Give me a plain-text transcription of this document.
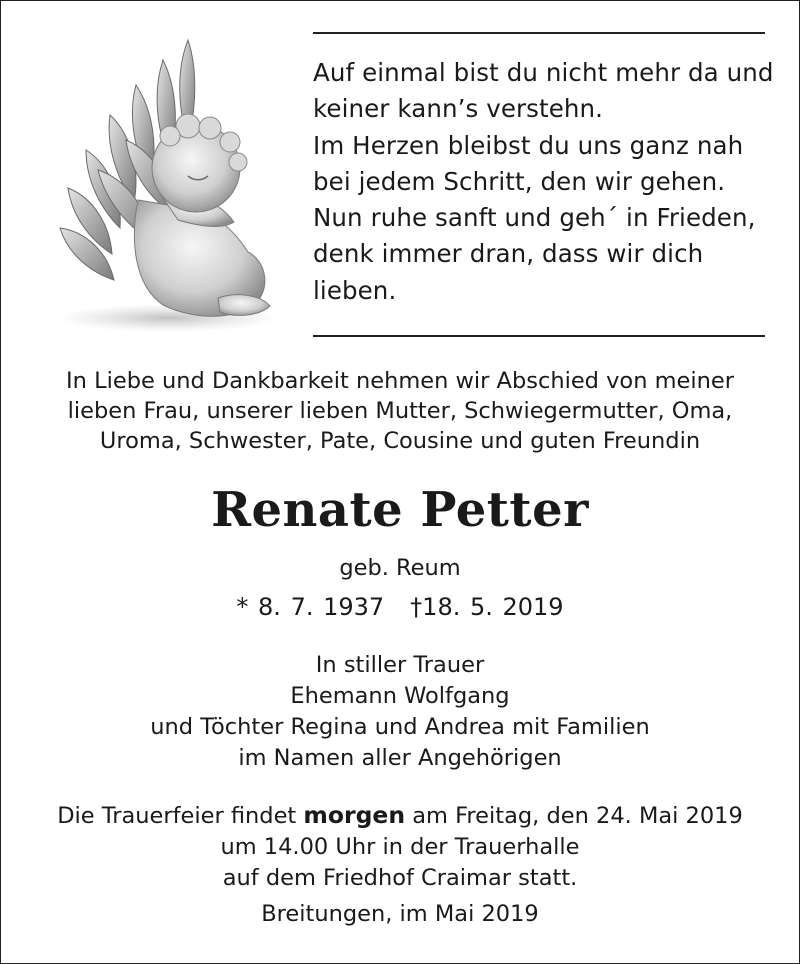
Auf einmal bist du nicht mehr da und
keiner kann’s verstehn.
Im Herzen bleibst du uns ganz nah
bei jedem Schritt, den wir gehen.
Nun ruhe sanft und geh´ in Frieden,
denk immer dran, dass wir dich
lieben.
In Liebe und Dankbarkeit nehmen wir Abschied von meiner
lieben Frau, unserer lieben Mutter, Schwiegermutter, Oma,
Uroma, Schwester, Pate, Cousine und guten Freundin
Renate Petter
geb. Reum
* 8. 7. 1937 †18. 5. 2019
In stiller Trauer
Ehemann Wolfgang
und Töchter Regina und Andrea mit Familien
im Namen aller Angehörigen
Die Trauerfeier findet morgen am Freitag, den 24. Mai 2019
um 14.00 Uhr in der Trauerhalle
auf dem Friedhof Craimar statt.
Breitungen, im Mai 2019
